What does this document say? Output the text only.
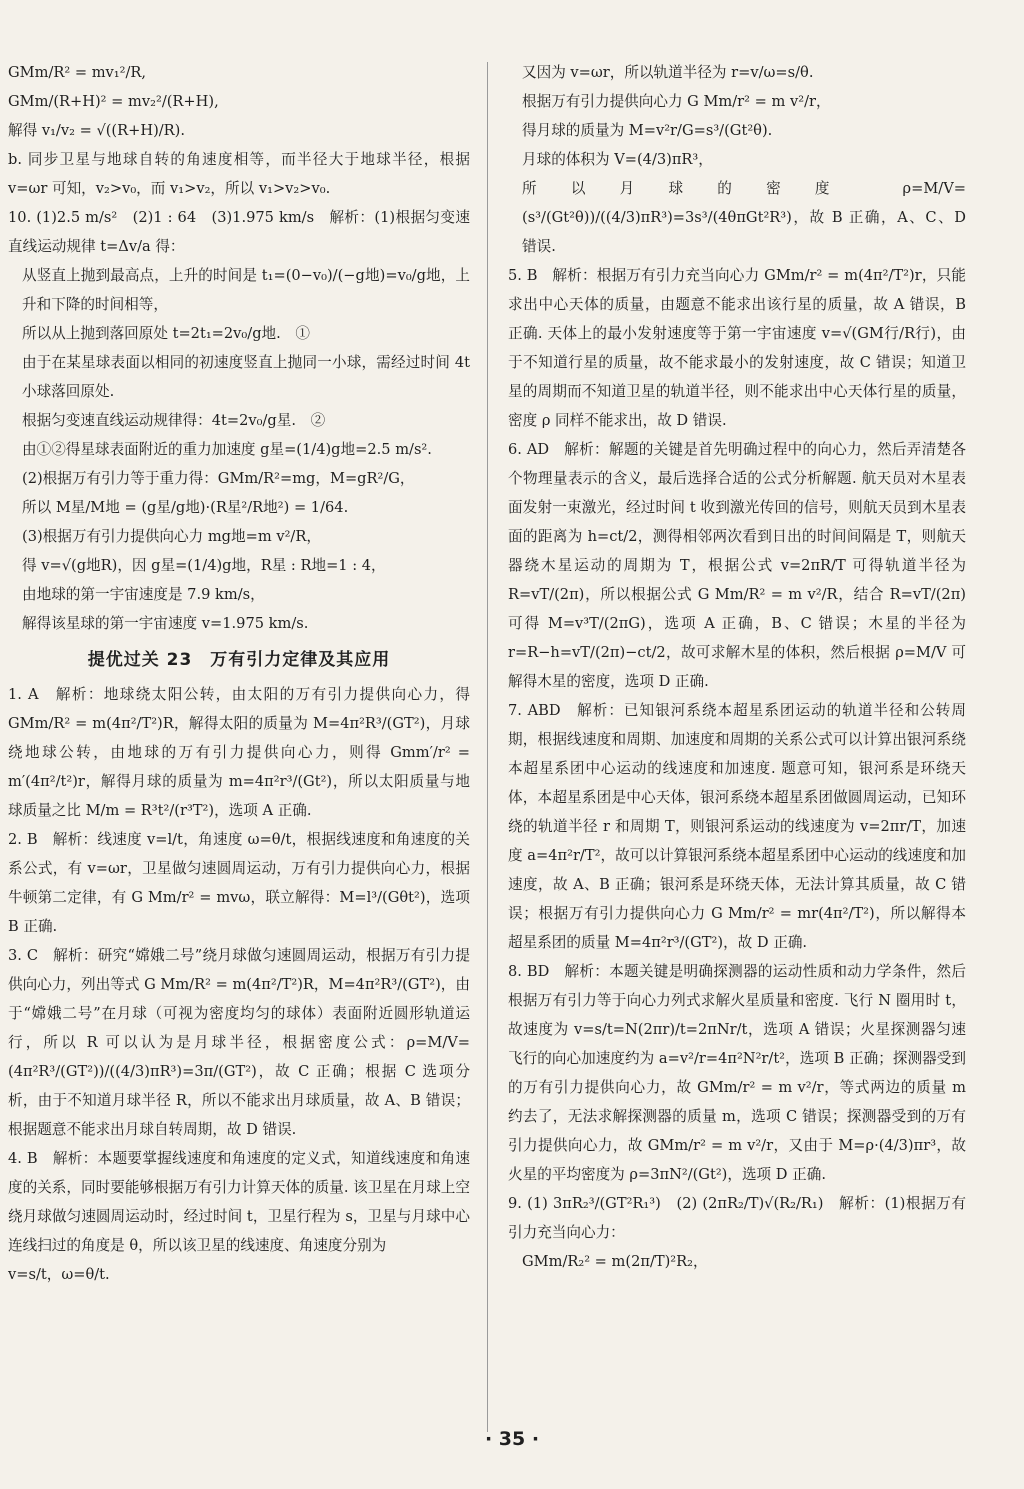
GMm/R² = mv₁²/R,

GMm/(R+H)² = mv₂²/(R+H),

解得 v₁/v₂ = √((R+H)/R).

b. 同步卫星与地球自转的角速度相等，而半径大于地球半径，根据 v=ωr 可知，v₂>v₀，而 v₁>v₂，所以 v₁>v₂>v₀.

10. (1)2.5 m/s²　(2)1 : 64　(3)1.975 km/s　解析：(1)根据匀变速直线运动规律 t=Δv/a 得：

从竖直上抛到最高点，上升的时间是 t₁=(0−v₀)/(−g地)=v₀/g地，上升和下降的时间相等，

所以从上抛到落回原处 t=2t₁=2v₀/g地.　①

由于在某星球表面以相同的初速度竖直上抛同一小球，需经过时间 4t 小球落回原处.

根据匀变速直线运动规律得：4t=2v₀/g星.　②

由①②得星球表面附近的重力加速度 g星=(1/4)g地=2.5 m/s².

(2)根据万有引力等于重力得：GMm/R²=mg，M=gR²/G，

所以 M星/M地 = (g星/g地)·(R星²/R地²) = 1/64.

(3)根据万有引力提供向心力 mg地=m v²/R，

得 v=√(g地R)，因 g星=(1/4)g地，R星 : R地=1 : 4，

由地球的第一宇宙速度是 7.9 km/s，

解得该星球的第一宇宙速度 v=1.975 km/s.

提优过关 23　万有引力定律及其应用

1. A　解析：地球绕太阳公转，由太阳的万有引力提供向心力，得 GMm/R² = m(4π²/T²)R，解得太阳的质量为 M=4π²R³/(GT²)，月球绕地球公转，由地球的万有引力提供向心力，则得 Gmm′/r² = m′(4π²/t²)r，解得月球的质量为 m=4π²r³/(Gt²)，所以太阳质量与地球质量之比 M/m = R³t²/(r³T²)，选项 A 正确.

2. B　解析：线速度 v=l/t，角速度 ω=θ/t，根据线速度和角速度的关系公式，有 v=ωr，卫星做匀速圆周运动，万有引力提供向心力，根据牛顿第二定律，有 G Mm/r² = mvω，联立解得：M=l³/(Gθt²)，选项 B 正确.

3. C　解析：研究“嫦娥二号”绕月球做匀速圆周运动，根据万有引力提供向心力，列出等式 G Mm/R² = m(4π²/T²)R，M=4π²R³/(GT²)，由于“嫦娥二号”在月球（可视为密度均匀的球体）表面附近圆形轨道运行，所以 R 可以认为是月球半径，根据密度公式：ρ=M/V=(4π²R³/(GT²))/((4/3)πR³)=3π/(GT²)，故 C 正确；根据 C 选项分析，由于不知道月球半径 R，所以不能求出月球质量，故 A、B 错误；根据题意不能求出月球自转周期，故 D 错误.

4. B　解析：本题要掌握线速度和角速度的定义式，知道线速度和角速度的关系，同时要能够根据万有引力计算天体的质量. 该卫星在月球上空绕月球做匀速圆周运动时，经过时间 t，卫星行程为 s，卫星与月球中心连线扫过的角度是 θ，所以该卫星的线速度、角速度分别为

v=s/t，ω=θ/t.

又因为 v=ωr，所以轨道半径为 r=v/ω=s/θ.

根据万有引力提供向心力 G Mm/r² = m v²/r，

得月球的质量为 M=v²r/G=s³/(Gt²θ).

月球的体积为 V=(4/3)πR³，

所以月球的密度 ρ=M/V=(s³/(Gt²θ))/((4/3)πR³)=3s³/(4θπGt²R³)，故 B 正确，A、C、D 错误.

5. B　解析：根据万有引力充当向心力 GMm/r² = m(4π²/T²)r，只能求出中心天体的质量，由题意不能求出该行星的质量，故 A 错误，B 正确. 天体上的最小发射速度等于第一宇宙速度 v=√(GM行/R行)，由于不知道行星的质量，故不能求最小的发射速度，故 C 错误；知道卫星的周期而不知道卫星的轨道半径，则不能求出中心天体行星的质量，密度 ρ 同样不能求出，故 D 错误.

6. AD　解析：解题的关键是首先明确过程中的向心力，然后弄清楚各个物理量表示的含义，最后选择合适的公式分析解题. 航天员对木星表面发射一束激光，经过时间 t 收到激光传回的信号，则航天员到木星表面的距离为 h=ct/2，测得相邻两次看到日出的时间间隔是 T，则航天器绕木星运动的周期为 T，根据公式 v=2πR/T 可得轨道半径为 R=vT/(2π)，所以根据公式 G Mm/R² = m v²/R，结合 R=vT/(2π) 可得 M=v³T/(2πG)，选项 A 正确，B、C 错误；木星的半径为 r=R−h=vT/(2π)−ct/2，故可求解木星的体积，然后根据 ρ=M/V 可解得木星的密度，选项 D 正确.

7. ABD　解析：已知银河系绕本超星系团运动的轨道半径和公转周期，根据线速度和周期、加速度和周期的关系公式可以计算出银河系绕本超星系团中心运动的线速度和加速度. 题意可知，银河系是环绕天体，本超星系团是中心天体，银河系绕本超星系团做圆周运动，已知环绕的轨道半径 r 和周期 T，则银河系运动的线速度为 v=2πr/T，加速度 a=4π²r/T²，故可以计算银河系绕本超星系团中心运动的线速度和加速度，故 A、B 正确；银河系是环绕天体，无法计算其质量，故 C 错误；根据万有引力提供向心力 G Mm/r² = mr(4π²/T²)，所以解得本超星系团的质量 M=4π²r³/(GT²)，故 D 正确.

8. BD　解析：本题关键是明确探测器的运动性质和动力学条件，然后根据万有引力等于向心力列式求解火星质量和密度. 飞行 N 圈用时 t，故速度为 v=s/t=N(2πr)/t=2πNr/t，选项 A 错误；火星探测器匀速飞行的向心加速度约为 a=v²/r=4π²N²r/t²，选项 B 正确；探测器受到的万有引力提供向心力，故 GMm/r² = m v²/r，等式两边的质量 m 约去了，无法求解探测器的质量 m，选项 C 错误；探测器受到的万有引力提供向心力，故 GMm/r² = m v²/r，又由于 M=ρ·(4/3)πr³，故火星的平均密度为 ρ=3πN²/(Gt²)，选项 D 正确.

9. (1) 3πR₂³/(GT²R₁³)　(2) (2πR₂/T)√(R₂/R₁)　解析：(1)根据万有引力充当向心力：

GMm/R₂² = m(2π/T)²R₂，

· 35 ·
